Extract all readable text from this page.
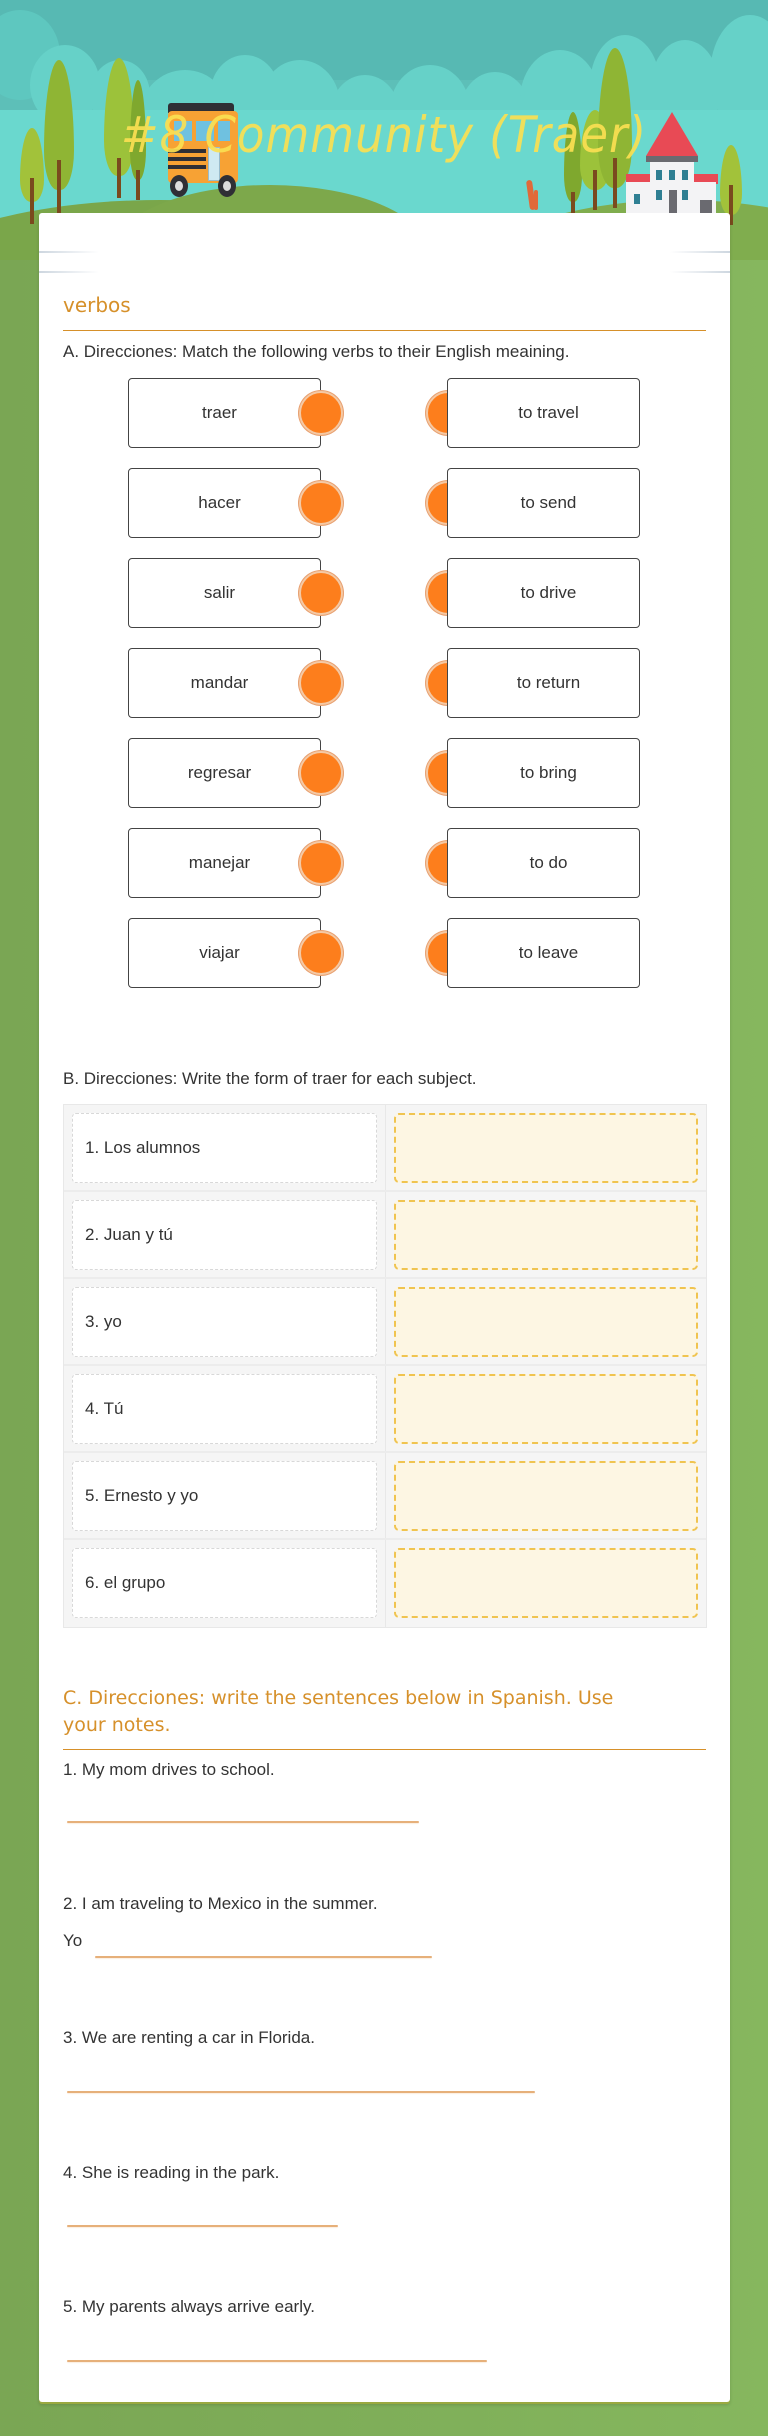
#8 Community (Traer)
verbos
A. Direcciones: Match the following verbs to their English meaining.
traer	to travel
hacer	to send
salir	to drive
mandar	to return
regresar	to bring
manejar	to do
viajar	to leave
B. Direcciones: Write the form of traer for each subject.
1. Los alumnos
2. Juan y tú
3. yo
4. Tú
5. Ernesto y yo
6. el grupo
C. Direcciones: write the sentences below in Spanish. Use
your notes.
1. My mom drives to school.
2. I am traveling to Mexico in the summer.
Yo
3. We are renting a car in Florida.
4. She is reading in the park.
5. My parents always arrive early.
